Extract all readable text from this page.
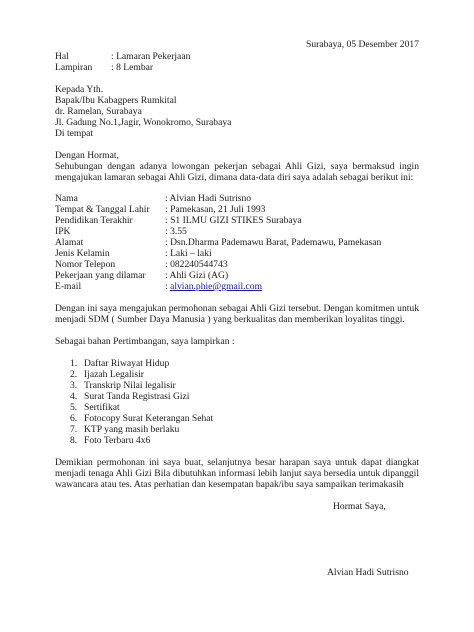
Surabaya, 05 Desember 2017
Hal	: Lamaran Pekerjaan
Lampiran : 8 Lembar
Kepada Yth.
Bapak/Ibu Kabagpers Rumkital
dr. Ramelan, Surabaya
Jl. Gadung No.1,Jagir, Wonokromo, Surabaya
Di tempat
Dengan Hormat,
Sehubungan dengan adanya lowongan pekerjan sebagai Ahli Gizi, saya bermaksud ingin
mengajukan lamaran sebagai Ahli Gizi, dimana data-data diri saya adalah sebagai berikut ini:
Nama	: Alvian Hadi Sutrisno
Tempat & Tanggal Lahir : Pamekasan, 21 Juli 1993
Pendidikan Terakhir	: S1 ILMU GIZI STIKES Surabaya
IPK	: 3.55
Alamat	: Dsn.Dharma Pademawu Barat, Pademawu, Pamekasan
Jenis Kelamin	: Laki – laki
Nomor Telepon	: 082240544743
Pekerjaan yang dilamar : Ahli Gizi (AG)
E-mail	: alvian.phie@gmail.com
Dengan ini saya mengajukan permohonan sebagai Ahli Gizi tersebut. Dengan komitmen untuk
menjadi SDM ( Sumber Daya Manusia ) yang berkualitas dan memberikan loyalitas tinggi.
Sebagai bahan Pertimbangan, saya lampirkan :
1. Daftar Riwayat Hidup
2. Ijazah Legalisir
3. Transkrip Nilai legalisir
4. Surat Tanda Registrasi Gizi
5. Sertifikat
6. Fotocopy Surat Keterangan Sehat
7. KTP yang masih berlaku
8. Foto Terbaru 4x6
Demikian permohonan ini saya buat, selanjutnya besar harapan saya untuk dapat diangkat
menjadi tenaga Ahli Gizi Bila dibutuhkan informasi lebih lanjut saya bersedia untuk dipanggil
wawancara atau tes. Atas perhatian dan kesempatan bapak/ibu saya sampaikan terimakasih
Hormat Saya,
Alvian Hadi Sutrisno
